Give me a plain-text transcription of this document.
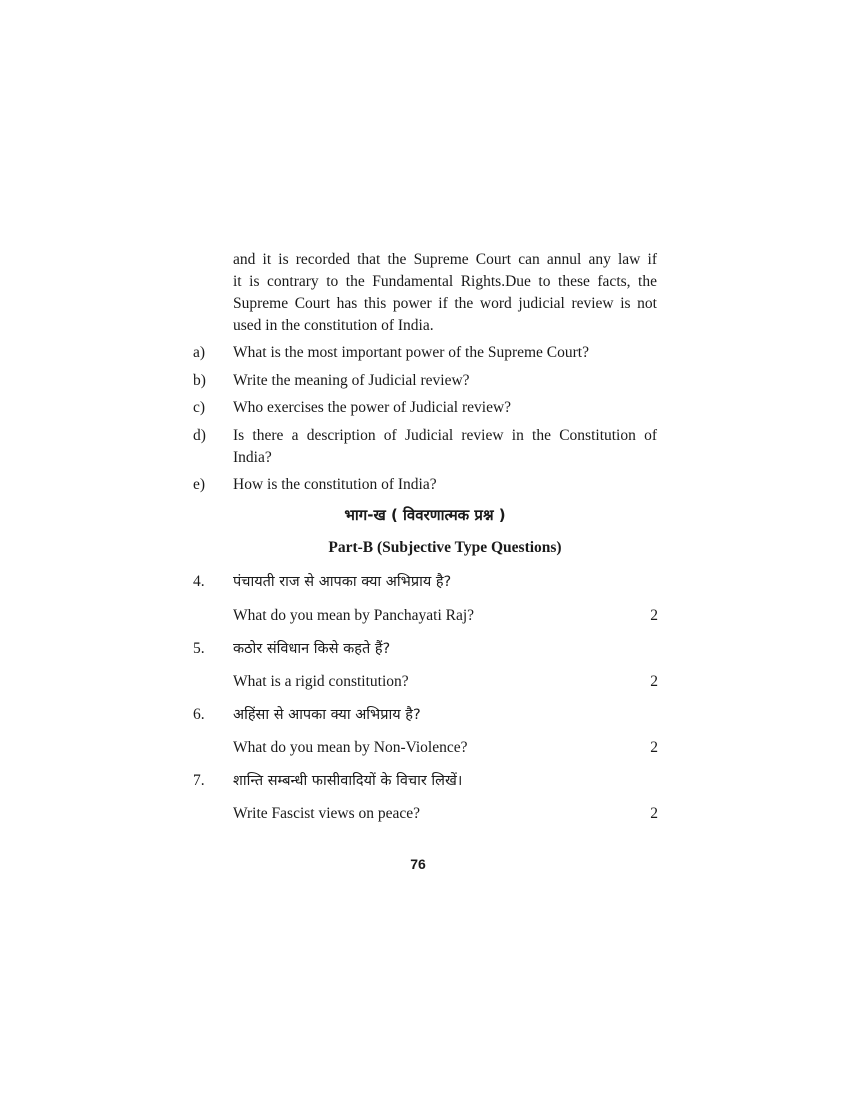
and it is recorded that the Supreme Court can annul any law if
it is contrary to the Fundamental Rights.Due to these facts, the
Supreme Court has this power if the word judicial review is not
used in the constitution of India.
a) What is the most important power of the Supreme Court?
b) Write the meaning of Judicial review?
c) Who exercises the power of Judicial review?
d) Is there a description of Judicial review in the Constitution of
India?
e) How is the constitution of India?
भाग-ख ( विवरणात्मक प्रश्न )
Part-B (Subjective Type Questions)
4. पंचायती राज से आपका क्या अभिप्राय है?
What do you mean by Panchayati Raj?	2
5. कठोर संविधान किसे कहते हैं?
What is a rigid constitution?	2
6. अहिंसा से आपका क्या अभिप्राय है?
What do you mean by Non-Violence?	2
7. शान्ति सम्बन्धी फासीवादियों के विचार लिखें।
Write Fascist views on peace?	2
76
